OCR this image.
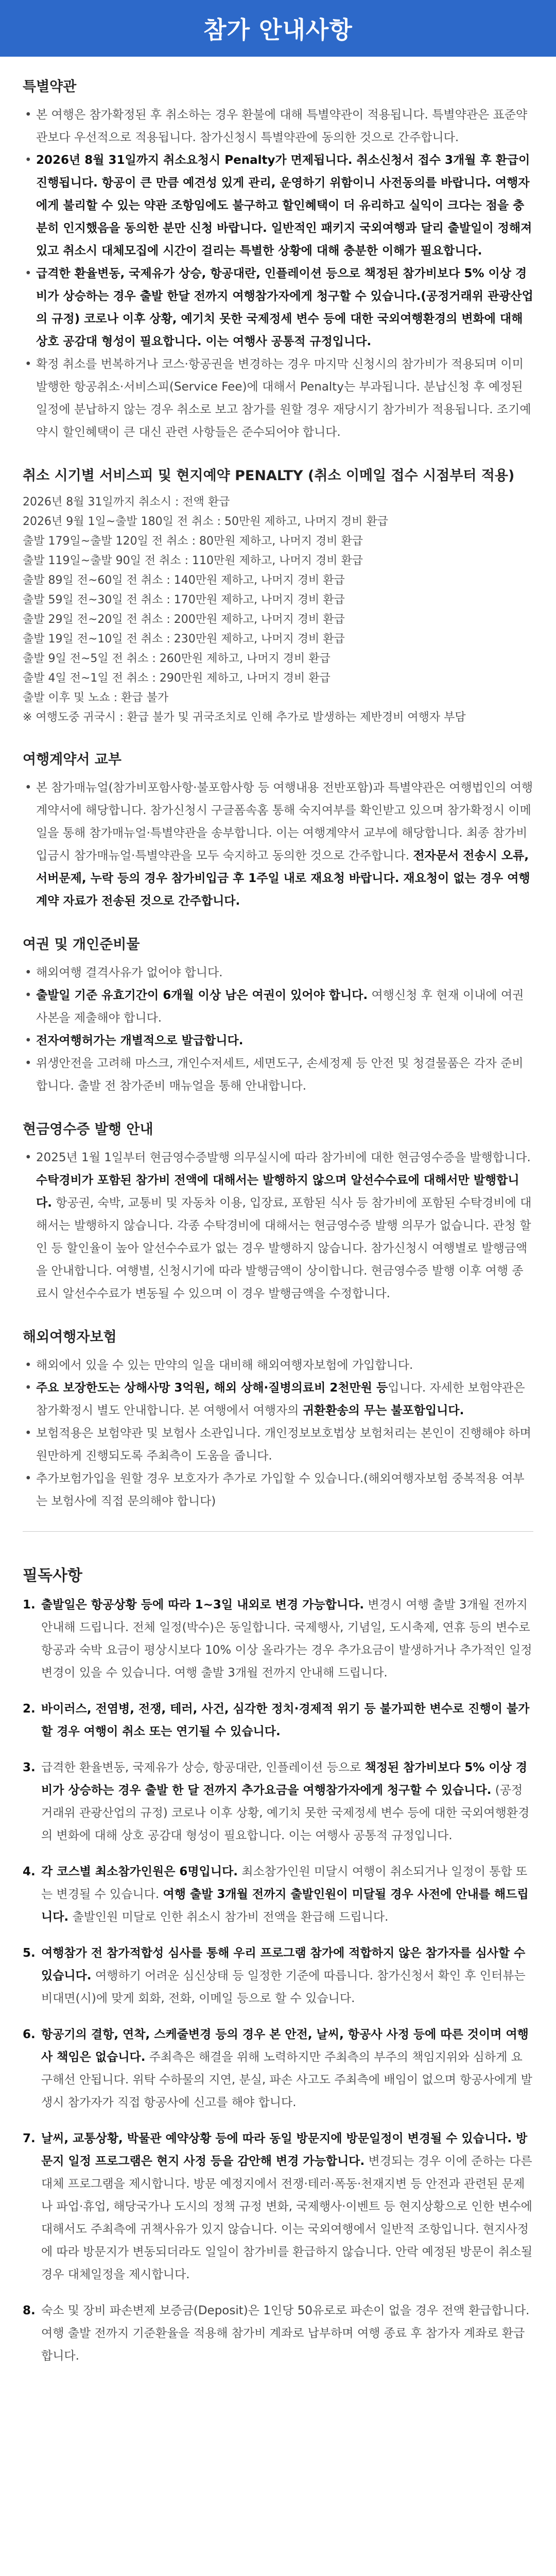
참가 안내사항
특별약관
• 본 여행은 참가확정된 후 취소하는 경우 환불에 대해 특별약관이 적용됩니다. 특별약관은 표준약관보다 우선적으로 적용됩니다. 참가신청시 특별약관에 동의한 것으로 간주합니다.
• 2026년 8월 31일까지 취소요청시 Penalty가 면제됩니다. 취소신청서 접수 3개월 후 환급이 진행됩니다. 항공이 큰 만큼 예견성 있게 관리, 운영하기 위함이니 사전동의를 바랍니다. 여행자에게 불리할 수 있는 약관 조항임에도 불구하고 할인혜택이 더 유리하고 실익이 크다는 점을 충분히 인지했음을 동의한 분만 신청 바랍니다. 일반적인 패키지 국외여행과 달리 출발일이 정해져 있고 취소시 대체모집에 시간이 걸리는 특별한 상황에 대해 충분한 이해가 필요합니다.
• 급격한 환율변동, 국제유가 상승, 항공대란, 인플레이션 등으로 책정된 참가비보다 5% 이상 경비가 상승하는 경우 출발 한달 전까지 여행참가자에게 청구할 수 있습니다.(공정거래위 관광산업의 규정) 코로나 이후 상황, 예기치 못한 국제정세 변수 등에 대한 국외여행환경의 변화에 대해 상호 공감대 형성이 필요합니다. 이는 여행사 공통적 규정입니다.
• 확정 취소를 번복하거나 코스·항공권을 변경하는 경우 마지막 신청시의 참가비가 적용되며 이미 발행한 항공취소·서비스피(Service Fee)에 대해서 Penalty는 부과됩니다. 분납신청 후 예정된 일정에 분납하지 않는 경우 취소로 보고 참가를 원할 경우 재당시기 참가비가 적용됩니다. 조기예약시 할인혜택이 큰 대신 관련 사항들은 준수되어야 합니다.
취소 시기별 서비스피 및 현지예약 PENALTY (취소 이메일 접수 시점부터 적용)
2026년 8월 31일까지 취소시 : 전액 환급
2026년 9월 1일~출발 180일 전 취소 : 50만원 제하고, 나머지 경비 환급
출발 179일~출발 120일 전 취소 : 80만원 제하고, 나머지 경비 환급
출발 119일~출발 90일 전 취소 : 110만원 제하고, 나머지 경비 환급
출발 89일 전~60일 전 취소 : 140만원 제하고, 나머지 경비 환급
출발 59일 전~30일 전 취소 : 170만원 제하고, 나머지 경비 환급
출발 29일 전~20일 전 취소 : 200만원 제하고, 나머지 경비 환급
출발 19일 전~10일 전 취소 : 230만원 제하고, 나머지 경비 환급
출발 9일 전~5일 전 취소 : 260만원 제하고, 나머지 경비 환급
출발 4일 전~1일 전 취소 : 290만원 제하고, 나머지 경비 환급
출발 이후 및 노쇼 : 환급 불가
※ 여행도중 귀국시 : 환급 불가 및 귀국조치로 인해 추가로 발생하는 제반경비 여행자 부담
여행계약서 교부
• 본 참가매뉴얼(참가비포함사항·불포함사항 등 여행내용 전반포함)과 특별약관은 여행법인의 여행계약서에 해당합니다. 참가신청시 구글폼속홈 통해 숙지여부를 확인받고 있으며 참가확정시 이메일을 통해 참가매뉴얼·특별약관을 송부합니다. 이는 여행계약서 교부에 해당합니다. 최종 참가비입금시 참가매뉴얼·특별약관을 모두 숙지하고 동의한 것으로 간주합니다. 전자문서 전송시 오류, 서버문제, 누락 등의 경우 참가비입금 후 1주일 내로 재요청 바랍니다. 재요청이 없는 경우 여행계약 자료가 전송된 것으로 간주합니다.
여권 및 개인준비물
• 해외여행 결격사유가 없어야 합니다.
• 출발일 기준 유효기간이 6개월 이상 남은 여권이 있어야 합니다. 여행신청 후 현재 이내에 여권사본을 제출해야 합니다.
• 전자여행허가는 개별적으로 발급합니다.
• 위생안전을 고려해 마스크, 개인수저세트, 세면도구, 손세정제 등 안전 및 청결물품은 각자 준비합니다. 출발 전 참가준비 매뉴얼을 통해 안내합니다.
현금영수증 발행 안내
• 2025년 1월 1일부터 현금영수증발행 의무실시에 따라 참가비에 대한 현금영수증을 발행합니다. 수탁경비가 포함된 참가비 전액에 대해서는 발행하지 않으며 알선수수료에 대해서만 발행합니다. 항공권, 숙박, 교통비 및 자동차 이용, 입장료, 포함된 식사 등 참가비에 포함된 수탁경비에 대해서는 발행하지 않습니다. 각종 수탁경비에 대해서는 현금영수증 발행 의무가 없습니다. 관청 할인 등 할인율이 높아 알선수수료가 없는 경우 발행하지 않습니다. 참가신청시 여행별로 발행금액을 안내합니다. 여행별, 신청시기에 따라 발행금액이 상이합니다. 현금영수증 발행 이후 여행 종료시 알선수수료가 변동될 수 있으며 이 경우 발행금액을 수정합니다.
해외여행자보험
• 해외에서 있을 수 있는 만약의 일을 대비해 해외여행자보험에 가입합니다.
• 주요 보장한도는 상해사망 3억원, 해외 상해·질병의료비 2천만원 등입니다. 자세한 보험약관은 참가확정시 별도 안내합니다. 본 여행에서 여행자의 귀환환송의 무는 불포함입니다.
• 보험적용은 보험약관 및 보험사 소관입니다. 개인정보보호법상 보험처리는 본인이 진행해야 하며 원만하게 진행되도록 주최측이 도움을 줍니다.
• 추가보험가입을 원할 경우 보호자가 추가로 가입할 수 있습니다.(해외여행자보험 중복적용 여부는 보험사에 직접 문의해야 합니다)
필독사항
1. 출발일은 항공상황 등에 따라 1~3일 내외로 변경 가능합니다. 변경시 여행 출발 3개월 전까지 안내해 드립니다. 전체 일정(박수)은 동일합니다. 국제행사, 기념일, 도시축제, 연휴 등의 변수로 항공과 숙박 요금이 평상시보다 10% 이상 올라가는 경우 추가요금이 발생하거나 추가적인 일정변경이 있을 수 있습니다. 여행 출발 3개월 전까지 안내해 드립니다.
2. 바이러스, 전염병, 전쟁, 테러, 사건, 심각한 정치·경제적 위기 등 불가피한 변수로 진행이 불가할 경우 여행이 취소 또는 연기될 수 있습니다.
3. 급격한 환율변동, 국제유가 상승, 항공대란, 인플레이션 등으로 책정된 참가비보다 5% 이상 경비가 상승하는 경우 출발 한 달 전까지 추가요금을 여행참가자에게 청구할 수 있습니다. (공정거래위 관광산업의 규정) 코로나 이후 상황, 예기치 못한 국제정세 변수 등에 대한 국외여행환경의 변화에 대해 상호 공감대 형성이 필요합니다. 이는 여행사 공통적 규정입니다.
4. 각 코스별 최소참가인원은 6명입니다. 최소참가인원 미달시 여행이 취소되거나 일정이 통합 또는 변경될 수 있습니다. 여행 출발 3개월 전까지 출발인원이 미달될 경우 사전에 안내를 해드립니다. 출발인원 미달로 인한 취소시 참가비 전액을 환급해 드립니다.
5. 여행참가 전 참가적합성 심사를 통해 우리 프로그램 참가에 적합하지 않은 참가자를 심사할 수 있습니다. 여행하기 어려운 심신상태 등 일정한 기준에 따릅니다. 참가신청서 확인 후 인터뷰는 비대면(시)에 맞게 회화, 전화, 이메일 등으로 할 수 있습니다.
6. 항공기의 결항, 연착, 스케줄변경 등의 경우 본 안전, 날씨, 항공사 사정 등에 따른 것이며 여행사 책임은 없습니다. 주최측은 해결을 위해 노력하지만 주최측의 부주의 책임지위와 심하게 요구해선 안됩니다. 위탁 수하물의 지연, 분실, 파손 사고도 주최측에 배임이 없으며 항공사에게 발생시 참가자가 직접 항공사에 신고를 해야 합니다.
7. 날씨, 교통상황, 박물관 예약상황 등에 따라 동일 방문지에 방문일정이 변경될 수 있습니다. 방문지 일정 프로그램은 현지 사정 등을 감안해 변경 가능합니다. 변경되는 경우 이에 준하는 다른 대체 프로그램을 제시합니다. 방문 예정지에서 전쟁·테러·폭동·천재지변 등 안전과 관련된 문제나 파업·휴업, 해당국가나 도시의 정책 규정 변화, 국제행사·이벤트 등 현지상황으로 인한 변수에 대해서도 주최측에 귀책사유가 있지 않습니다. 이는 국외여행에서 일반적 조항입니다. 현지사정에 따라 방문지가 변동되더라도 일일이 참가비를 환급하지 않습니다. 안락 예정된 방문이 취소될 경우 대체일정을 제시합니다.
8. 숙소 및 장비 파손변제 보증금(Deposit)은 1인당 50유로로 파손이 없을 경우 전액 환급합니다. 여행 출발 전까지 기준환율을 적용해 참가비 계좌로 납부하며 여행 종료 후 참가자 계좌로 환급합니다.
